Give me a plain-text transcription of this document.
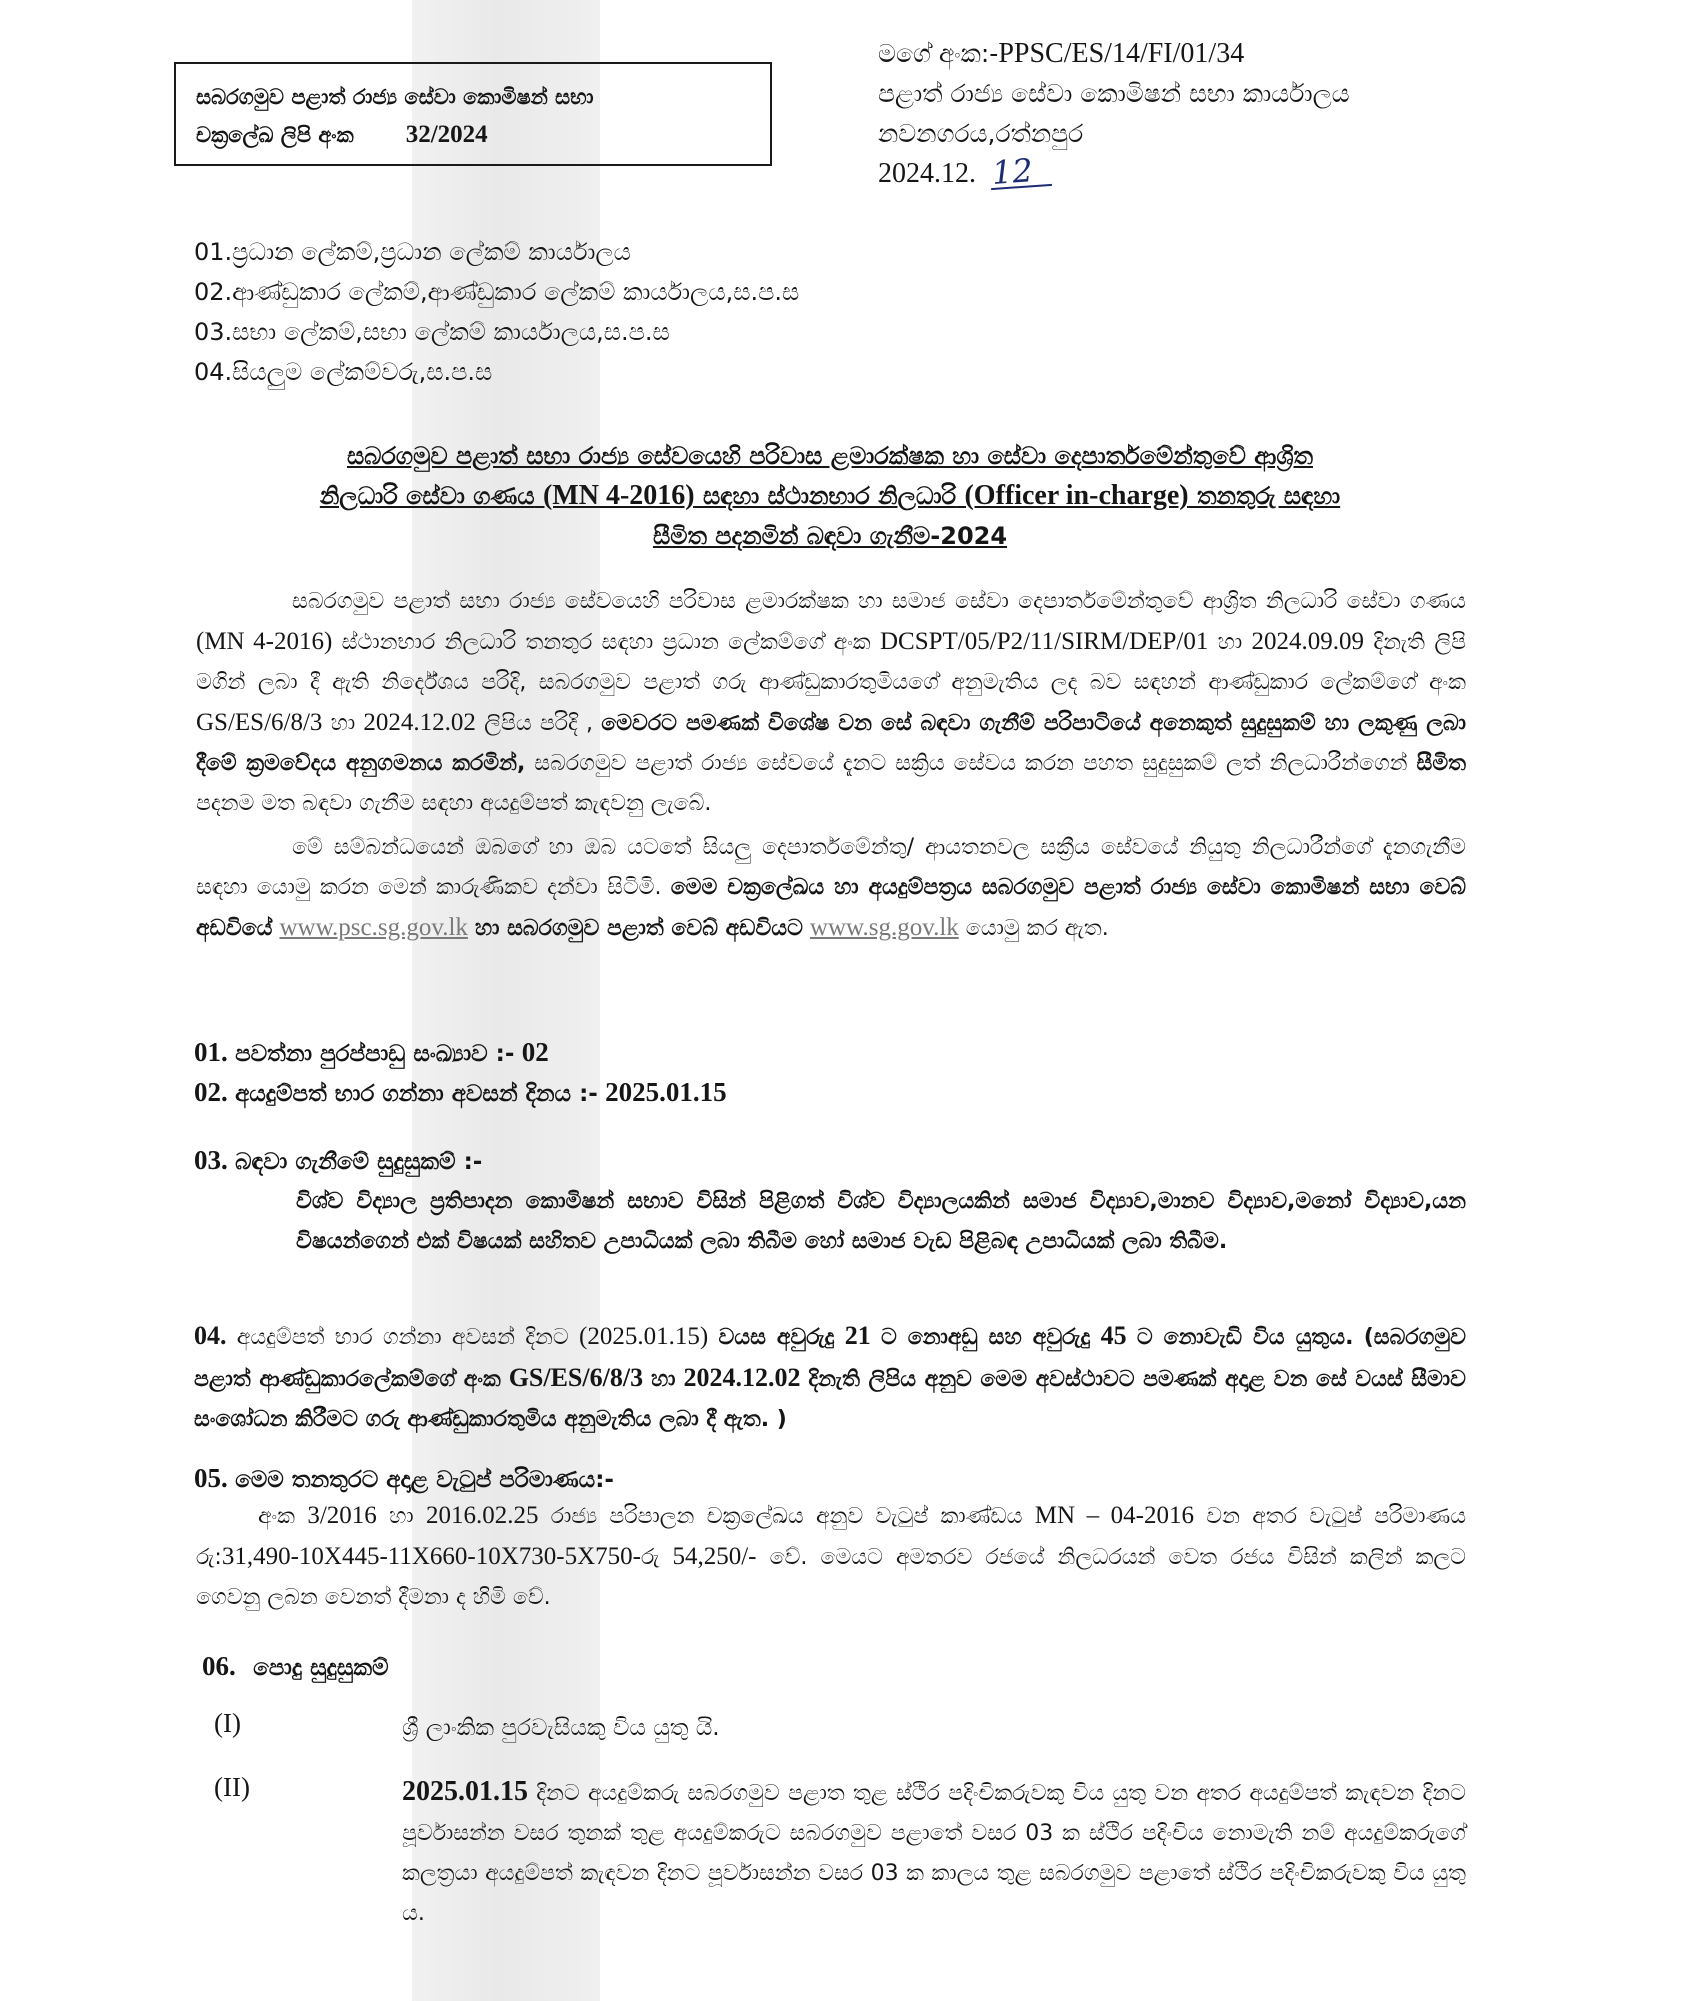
සබරගමුව පළාත් රාජ්‍ය සේවා කොමිෂන් සභා
චක්‍රලේඛ ලිපි අංක 32/2024
මගේ අංක:-PPSC/ES/14/FI/01/34
පළාත් රාජ්‍ය සේවා කොමිෂන් සභා කාර්යාලය
නවනගරය,රත්නපුර
2024.12. 12
01.ප්‍රධාන ලේකම්,ප්‍රධාන ලේකම් කාර්යාලය
02.ආණ්ඩුකාර ලේකම්,ආණ්ඩුකාර ලේකම් කාර්යාලය,ස.ප.ස
03.සභා ලේකම්,සභා ලේකම් කාර්යාලය,ස.ප.ස
04.සියලුම ලේකම්වරු,ස.ප.ස
සබරගමුව පළාත් සභා රාජ්‍ය සේවයෙහි පරිවාස ළමාරක්ෂක හා සේවා දෙපාර්තමේන්තුවේ ආශ්‍රිත
නිලධාරි සේවා ගණය (MN 4-2016) සඳහා ස්ථානභාර නිලධාරි (Officer in-charge) තනතුරු සඳහා
සීමිත පදනමින් බඳවා ගැනීම-2024
සබරගමුව පළාත් සභා රාජ්‍ය සේවයෙහි පරිවාස ළමාරක්ෂක හා සමාජ සේවා දෙපාර්තමේන්තුවේ ආශ්‍රිත නිලධාරි සේවා ගණය (MN 4-2016) ස්ථානභාර නිලධාරි තනතුර සඳහා ප්‍රධාන ලේකම්ගේ අංක DCSPT/05/P2/11/SIRM/DEP/01 හා 2024.09.09 දිනැති ලිපි මගින් ලබා දී ඇති නිර්දේශය පරිදි, සබරගමුව පළාත් ගරු ආණ්ඩුකාරතුමියගේ අනුමැතිය ලද බව සඳහන් ආණ්ඩුකාර ලේකම්ගේ අංක GS/ES/6/8/3 හා 2024.12.02 ලිපිය පරිදි , මෙවරට පමණක් විශේෂ වන සේ බඳවා ගැනීම් පරිපාටියේ අනෙකුත් සුදුසුකම් හා ලකුණු ලබා දීමේ ක්‍රමවේදය අනුගමනය කරමින්, සබරගමුව පළාත් රාජ්‍ය සේවයේ දැනට සක්‍රිය සේවය කරන පහත සුදුසුකම් ලත් නිලධාරීන්ගෙන් සීමිත පදනම මත බඳවා ගැනීම සඳහා අයදුම්පත් කැඳවනු ලැබේ.
මේ සම්බන්ධයෙන් ඔබගේ හා ඔබ යටතේ සියලු දෙපාර්තමේන්තු/ ආයතනවල සක්‍රීය සේවයේ නියුතු නිලධාරීන්ගේ දැනගැනීම සඳහා යොමු කරන මෙන් කාරුණිකව දන්වා සිටිමි. මෙම චක්‍රලේඛය හා අයදුම්පත්‍රය සබරගමුව පළාත් රාජ්‍ය සේවා කොමිෂන් සභා වෙබ් අඩවියේ www.psc.sg.gov.lk හා සබරගමුව පළාත් වෙබ් අඩවියට www.sg.gov.lk යොමු කර ඇත.
01. පවත්නා පුරප්පාඩු සංඛ්‍යාව :- 02
02. අයදුම්පත් භාර ගන්නා අවසන් දිනය :- 2025.01.15
03. බඳවා ගැනීමේ සුදුසුකම් :-
විශ්ව විද්‍යාල ප්‍රතිපාදන කොමිෂන් සභාව විසින් පිළිගත් විශ්ව විද්‍යාලයකින් සමාජ විද්‍යාව,මානව විද්‍යාව,මනෝ විද්‍යාව,යන විෂයන්ගෙන් එක් විෂයක් සහිතව උපාධියක් ලබා තිබීම හෝ සමාජ වැඩ පිළිබඳ උපාධියක් ලබා තිබීම.
04. අයදුම්පත් භාර ගන්නා අවසන් දිනට (2025.01.15) වයස අවුරුදු 21 ට නොඅඩු සහ අවුරුදු 45 ට නොවැඩි විය යුතුය. (සබරගමුව පළාත් ආණ්ඩුකාරලේකම්ගේ අංක GS/ES/6/8/3 හා 2024.12.02 දිනැති ලිපිය අනුව මෙම අවස්ථාවට පමණක් අදාළ වන සේ වයස් සීමාව සංශෝධන කිරීමට ගරු ආණ්ඩුකාරතුමිය අනුමැතිය ලබා දී ඇත. )
05. මෙම තනතුරට අදාළ වැටුප් පරිමාණය:-
අංක 3/2016 හා 2016.02.25 රාජ්‍ය පරිපාලන චක්‍රලේඛය අනුව වැටුප් කාණ්ඩය MN – 04-2016 වන අතර වැටුප් පරිමාණය රු:31,490-10X445-11X660-10X730-5X750-රු 54,250/- වේ. මෙයට අමතරව රජයේ නිලධරයන් වෙත රජය විසින් කලින් කලට ගෙවනු ලබන වෙනත් දීමනා ද හිමි වේ.
06. පොදු සුදුසුකම්
(I)	ශ්‍රී ලාංකික පුරවැසියකු විය යුතු යි.
(II)	2025.01.15 දිනට අයදුම්කරු සබරගමුව පළාත තුළ ස්ථිර පදිංචිකරුවකු විය යුතු වන අතර අයදුම්පත් කැඳවන දිනට පූර්වාසන්න වසර තුනක් තුළ අයදුම්කරුට සබරගමුව පළාතේ වසර 03 ක ස්ථිර පදිංචිය නොමැති නම් අයදුම්කරුගේ කලත්‍රයා අයදුම්පත් කැඳවන දිනට පූර්වාසන්න වසර 03 ක කාලය තුළ සබරගමුව පළාතේ ස්ථිර පදිංචිකරුවකු විය යුතු ය.
